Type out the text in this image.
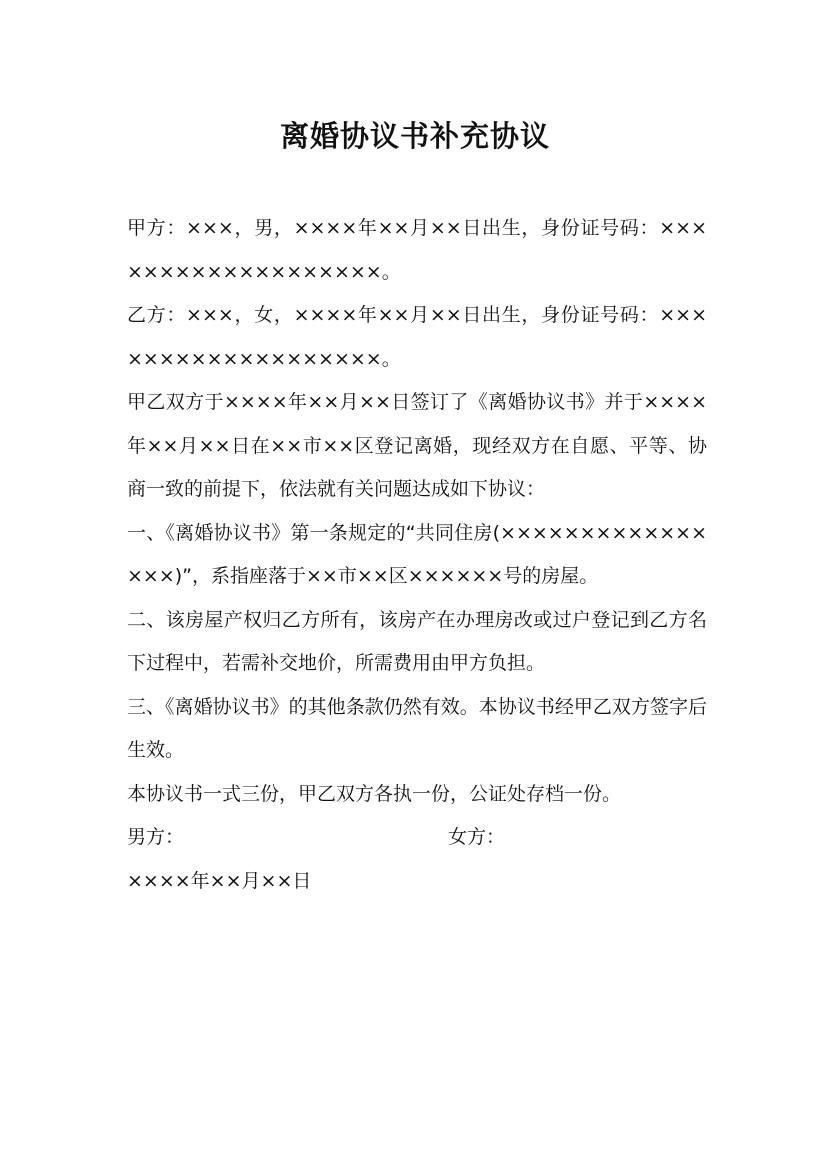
离婚协议书补充协议

甲方：×××，男，××××年××月××日出生，身份证号码：×××××××××××××××××××。

乙方：×××，女，××××年××月××日出生，身份证号码：×××××××××××××××××××。

甲乙双方于××××年××月××日签订了《离婚协议书》并于××××年××月××日在××市××区登记离婚，现经双方在自愿、平等、协商一致的前提下，依法就有关问题达成如下协议：

一、《离婚协议书》第一条规定的“共同住房(××××××××××××××××)”，系指座落于××市××区××××××号的房屋。

二、该房屋产权归乙方所有，该房产在办理房改或过户登记到乙方名下过程中，若需补交地价，所需费用由甲方负担。

三、《离婚协议书》的其他条款仍然有效。本协议书经甲乙双方签字后生效。

本协议书一式三份，甲乙双方各执一份，公证处存档一份。

男方：	女方：

××××年××月××日
